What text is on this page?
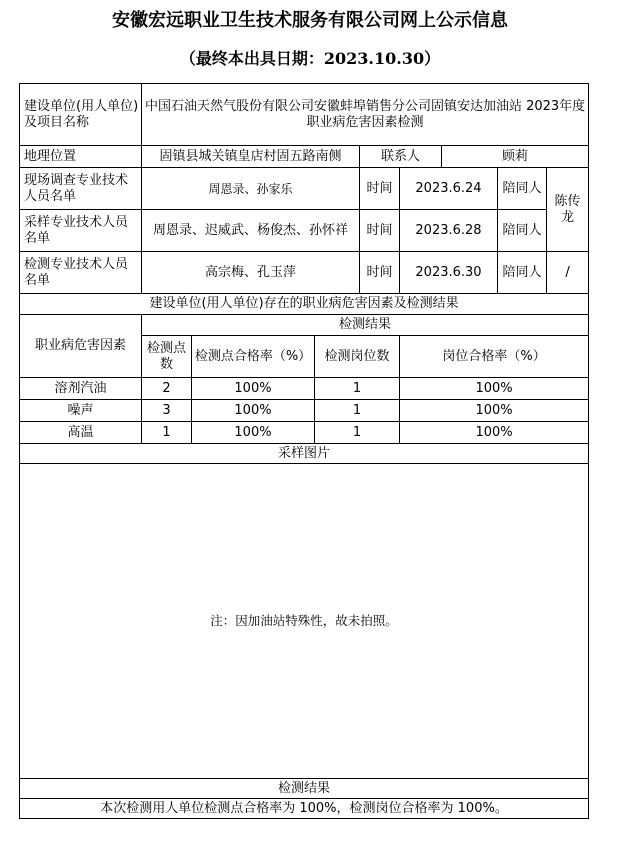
安徽宏远职业卫生技术服务有限公司网上公示信息
（最终本出具日期：2023.10.30）
建设单位(用人单位)及项目名称	中国石油天然气股份有限公司安徽蚌埠销售分公司固镇安达加油站 2023年度职业病危害因素检测							
地理位置	固镇县城关镇皇店村固五路南侧			联系人		顾莉		
现场调查专业技术人员名单	周恩录、孙家乐			时间	2023.6.24		陪同人	陈传龙
采样专业技术人员名单	周恩录、迟威武、杨俊杰、孙怀祥			时间	2023.6.28		陪同人	
检测专业技术人员名单	高宗梅、孔玉萍			时间	2023.6.30		陪同人	/
建设单位(用人单位)存在的职业病危害因素及检测结果								
职业病危害因素	检测结果							
	检测点数	检测点合格率（%）	检测岗位数		岗位合格率（%）			
溶剂汽油	2	100%	1		100%			
噪声	3	100%	1		100%			
高温	1	100%	1		100%			
采样图片								
注：因加油站特殊性，故未拍照。								
检测结果								
本次检测用人单位检测点合格率为 100%，检测岗位合格率为 100%。								
